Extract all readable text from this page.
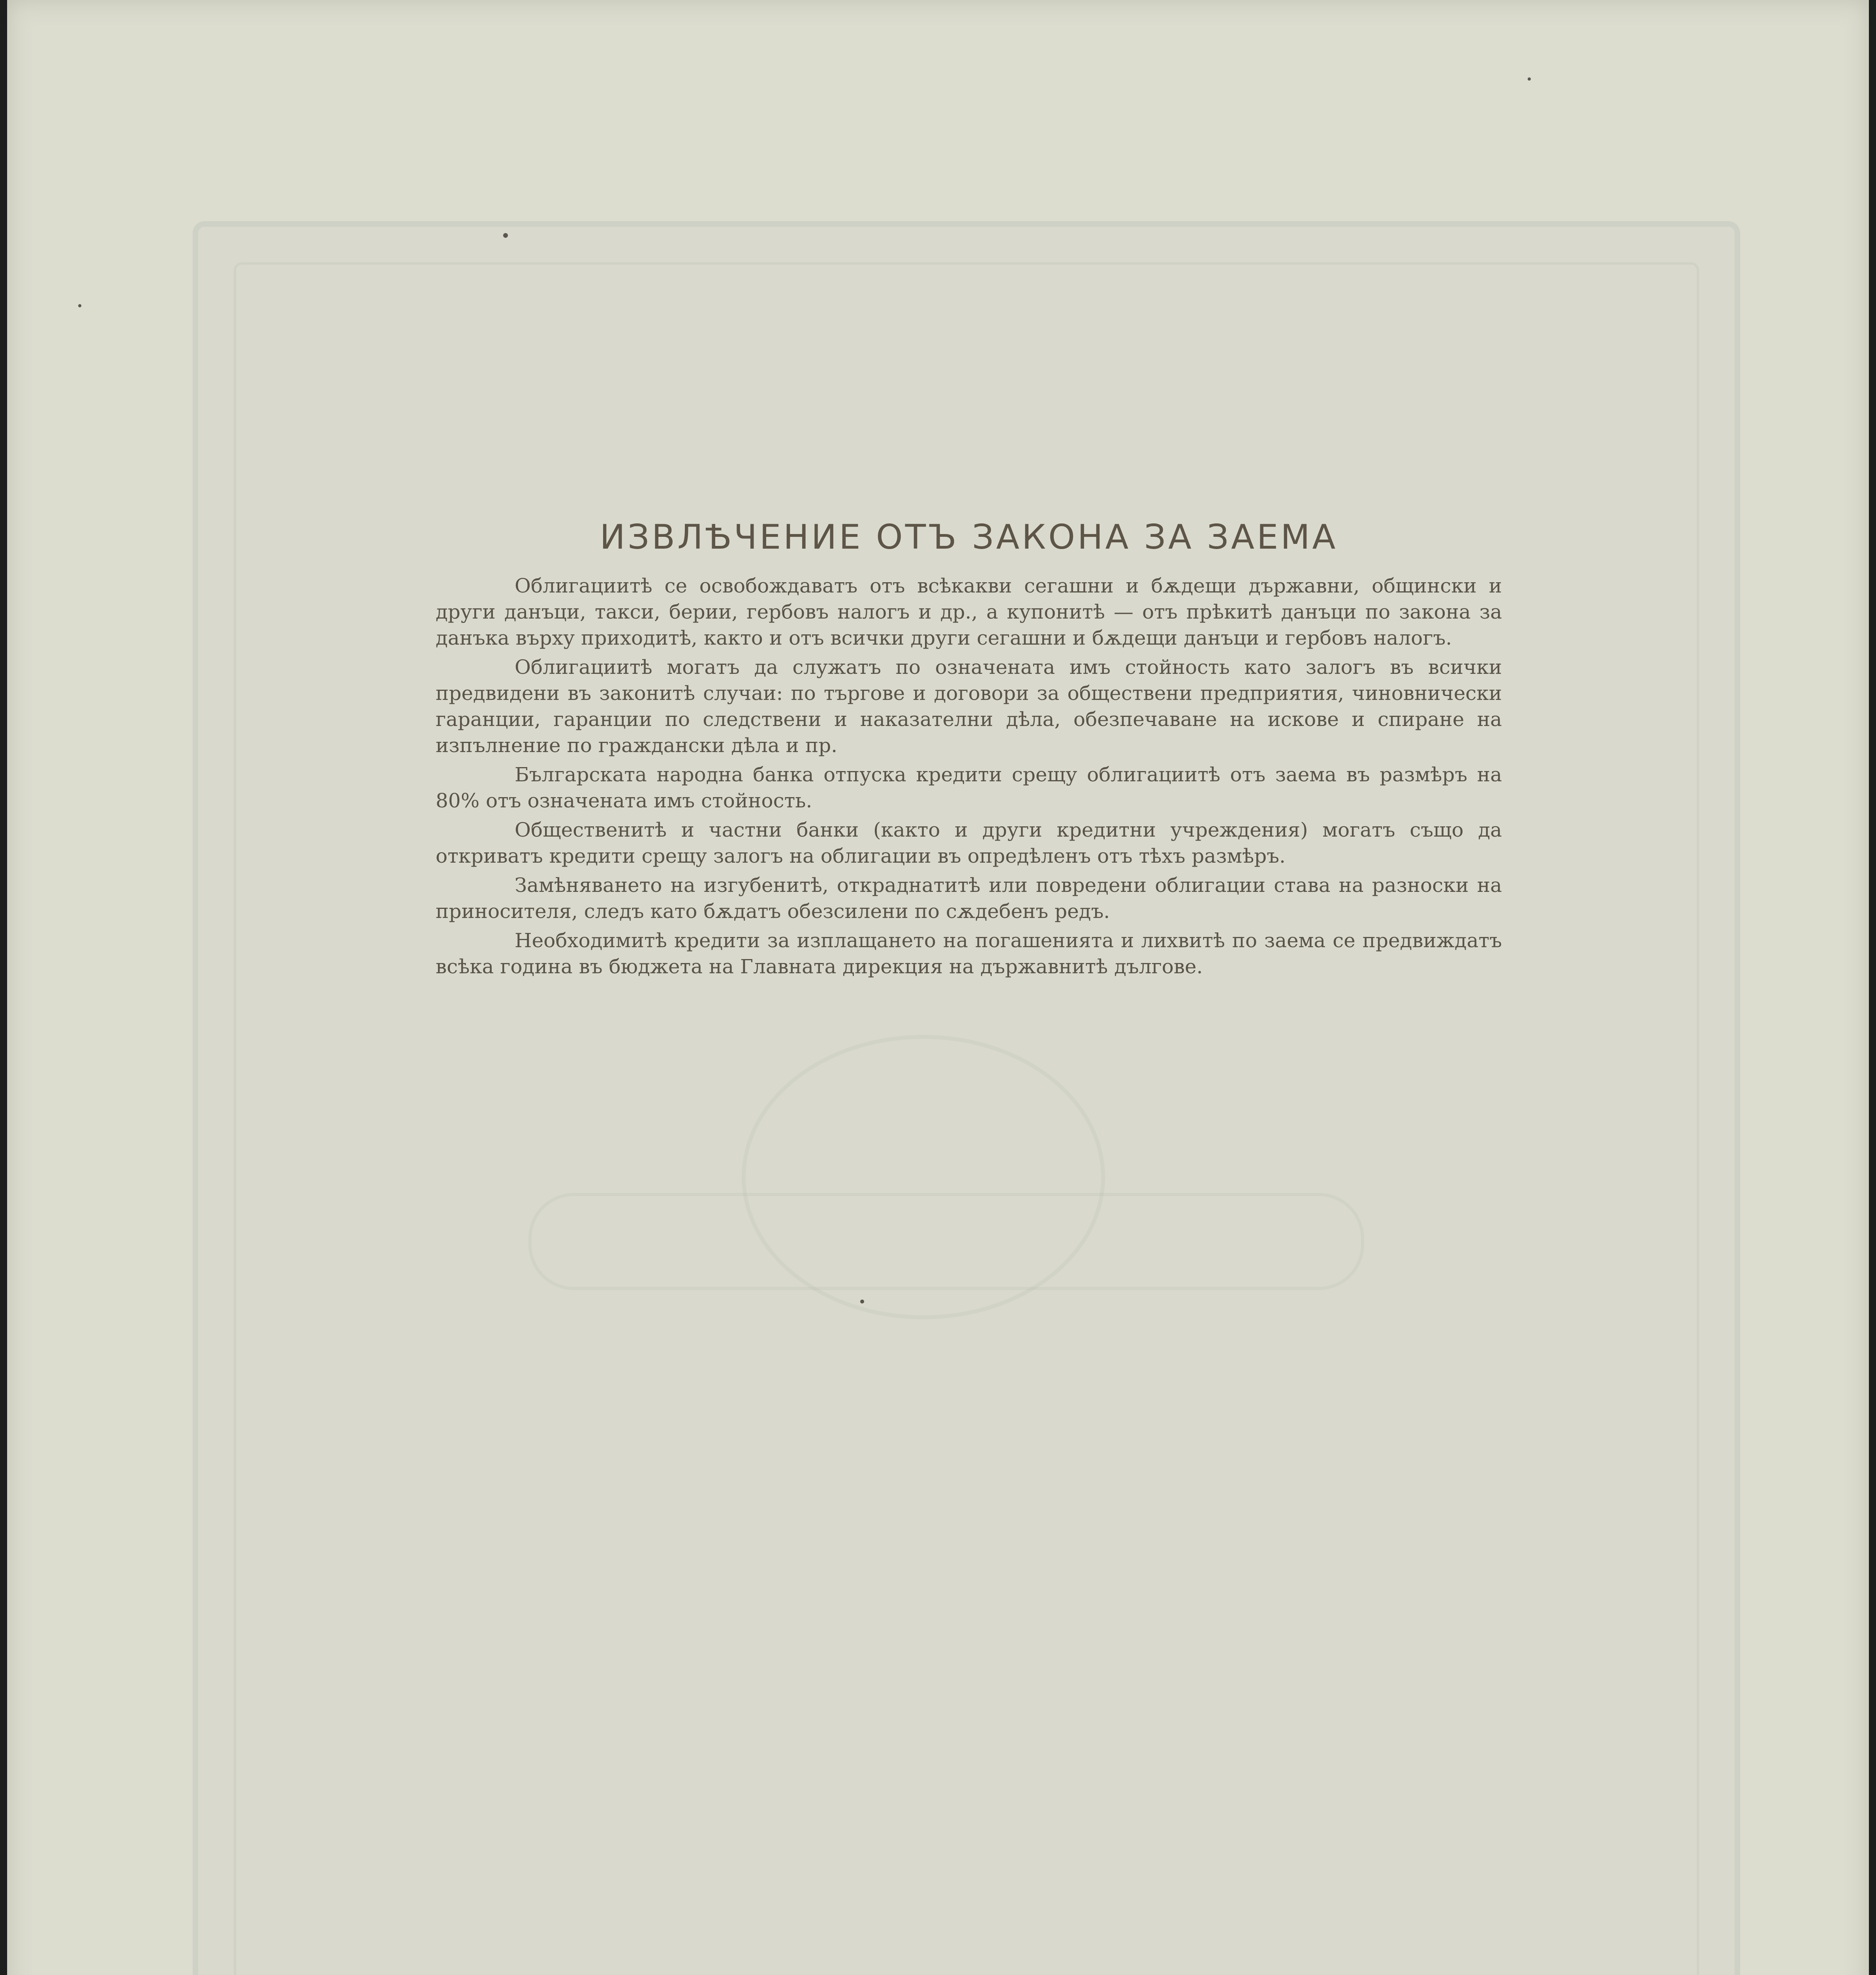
ИЗВЛѢЧЕНИЕ ОТЪ ЗАКОНА ЗА ЗАЕМА

Облигациитѣ се освобождаватъ отъ всѣкакви сегашни и бѫдещи държавни, общински и други данъци, такси, берии, гербовъ налогъ и др., а купонитѣ — отъ прѣкитѣ данъци по закона за данъка върху приходитѣ, както и отъ всички други сегашни и бѫдещи данъци и гербовъ налогъ.

Облигациитѣ могатъ да служатъ по означената имъ стойность като залогъ въ всички предвидени въ законитѣ случаи: по търгове и договори за обществени предприятия, чиновнически гаранции, гаранции по следствени и наказателни дѣла, обезпечаване на искове и спиране на изпълнение по граждански дѣла и пр.

Българската народна банка отпуска кредити срещу облигациитѣ отъ заема въ размѣръ на 80% отъ означената имъ стойность.

Общественитѣ и частни банки (както и други кредитни учреждения) могатъ също да откриватъ кредити срещу залогъ на облигации въ опредѣленъ отъ тѣхъ размѣръ.

Замѣняването на изгубенитѣ, откраднатитѣ или повредени облигации става на разноски на приносителя, следъ като бѫдатъ обезсилени по сѫдебенъ редъ.

Необходимитѣ кредити за изплащането на погашенията и лихвитѣ по заема се предвиждатъ всѣка година въ бюджета на Главната дирекция на държавнитѣ дългове.
